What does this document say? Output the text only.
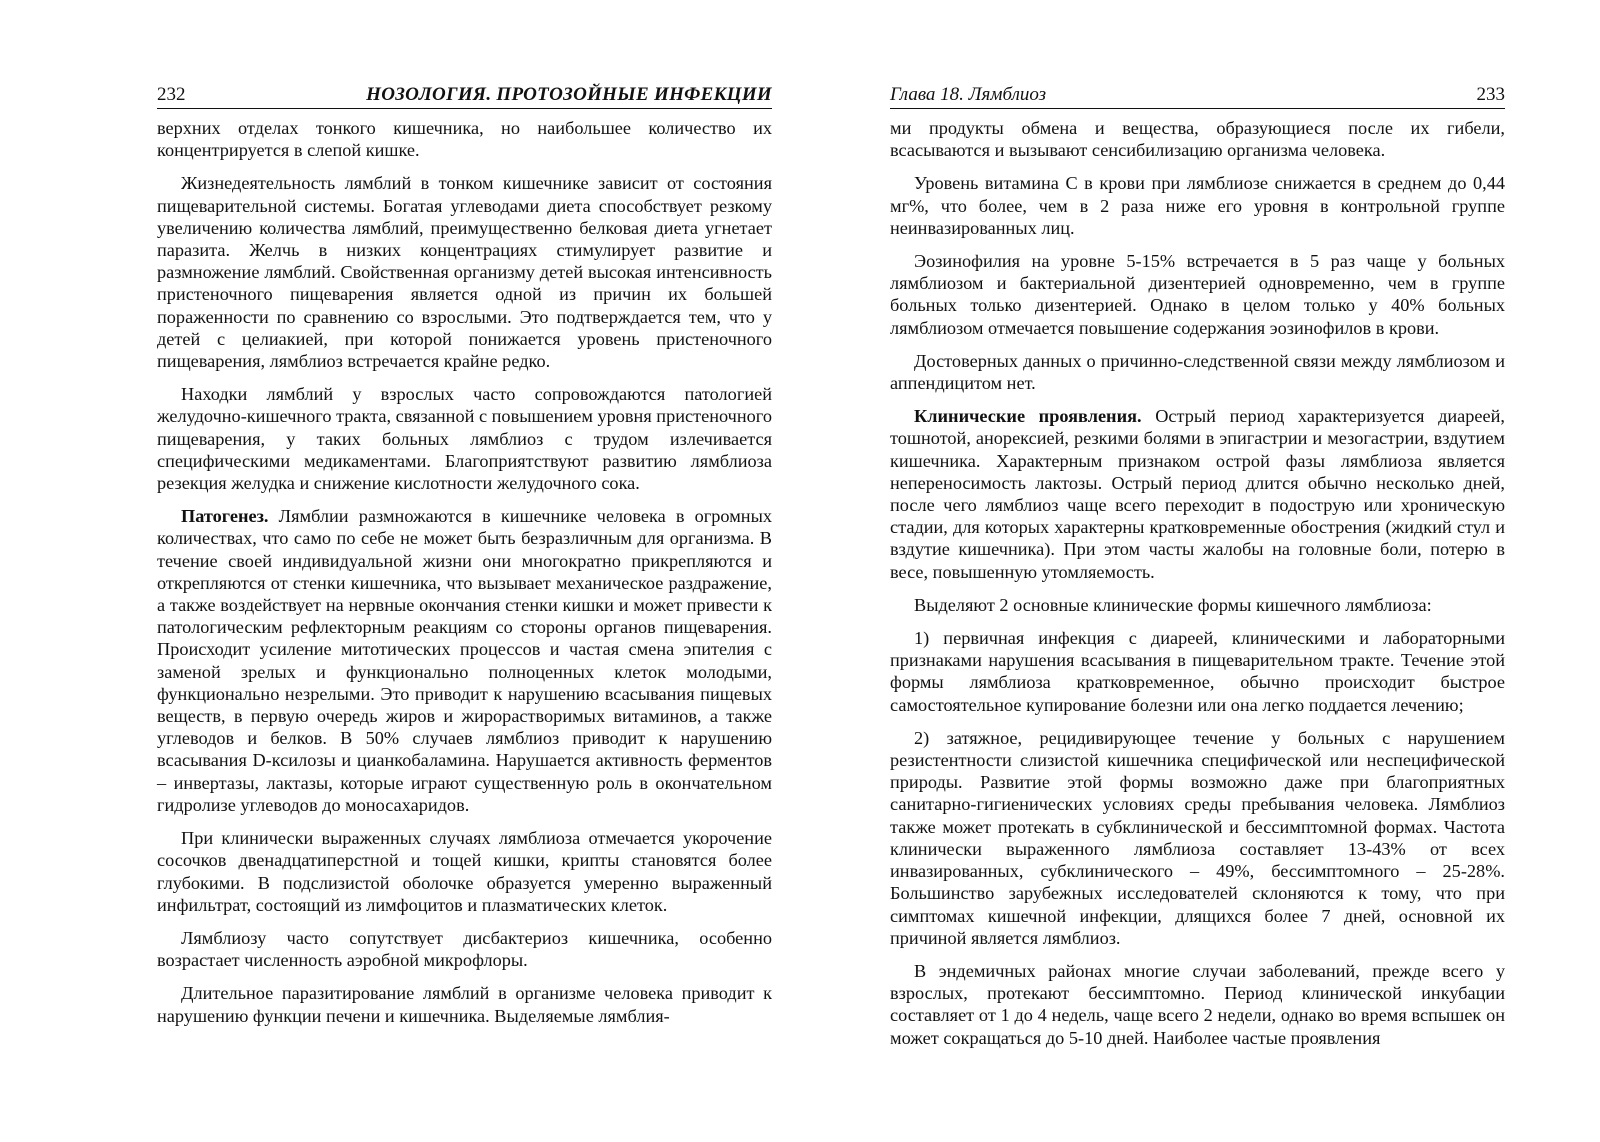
232	НОЗОЛОГИЯ. ПРОТОЗОЙНЫЕ ИНФЕКЦИИ

верхних отделах тонкого кишечника, но наибольшее количество их концентрируется в слепой кишке.

Жизнедеятельность лямблий в тонком кишечнике зависит от состояния пищеварительной системы. Богатая углеводами диета способствует резкому увеличению количества лямблий, преимущественно белковая диета угнетает паразита. Желчь в низких концентрациях стимулирует развитие и размножение лямблий. Свойственная организму детей высокая интенсивность пристеночного пищеварения является одной из причин их большей пораженности по сравнению со взрослыми. Это подтверждается тем, что у детей с целиакией, при которой понижается уровень пристеночного пищеварения, лямблиоз встречается крайне редко.

Находки лямблий у взрослых часто сопровождаются патологией желудочно-кишечного тракта, связанной с повышением уровня пристеночного пищеварения, у таких больных лямблиоз с трудом излечивается специфическими медикаментами. Благоприятствуют развитию лямблиоза резекция желудка и снижение кислотности желудочного сока.

Патогенез. Лямблии размножаются в кишечнике человека в огромных количествах, что само по себе не может быть безразличным для организма. В течение своей индивидуальной жизни они многократно прикрепляются и открепляются от стенки кишечника, что вызывает механическое раздражение, а также воздействует на нервные окончания стенки кишки и может привести к патологическим рефлекторным реакциям со стороны органов пищеварения. Происходит усиление митотических процессов и частая смена эпителия с заменой зрелых и функционально полноценных клеток молодыми, функционально незрелыми. Это приводит к нарушению всасывания пищевых веществ, в первую очередь жиров и жирорастворимых витаминов, а также углеводов и белков. В 50% случаев лямблиоз приводит к нарушению всасывания D-ксилозы и цианкобаламина. Нарушается активность ферментов – инвертазы, лактазы, которые играют существенную роль в окончательном гидролизе углеводов до моносахаридов.

При клинически выраженных случаях лямблиоза отмечается укорочение сосочков двенадцатиперстной и тощей кишки, крипты становятся более глубокими. В подслизистой оболочке образуется умеренно выраженный инфильтрат, состоящий из лимфоцитов и плазматических клеток.

Лямблиозу часто сопутствует дисбактериоз кишечника, особенно возрастает численность аэробной микрофлоры.

Длительное паразитирование лямблий в организме человека приводит к нарушению функции печени и кишечника. Выделяемые лямблия-

Глава 18. Лямблиоз	233

ми продукты обмена и вещества, образующиеся после их гибели, всасываются и вызывают сенсибилизацию организма человека.

Уровень витамина С в крови при лямблиозе снижается в среднем до 0,44 мг%, что более, чем в 2 раза ниже его уровня в контрольной группе неинвазированных лиц.

Эозинофилия на уровне 5-15% встречается в 5 раз чаще у больных лямблиозом и бактериальной дизентерией одновременно, чем в группе больных только дизентерией. Однако в целом только у 40% больных лямблиозом отмечается повышение содержания эозинофилов в крови.

Достоверных данных о причинно-следственной связи между лямблиозом и аппендицитом нет.

Клинические проявления. Острый период характеризуется диареей, тошнотой, анорексией, резкими болями в эпигастрии и мезогастрии, вздутием кишечника. Характерным признаком острой фазы лямблиоза является непереносимость лактозы. Острый период длится обычно несколько дней, после чего лямблиоз чаще всего переходит в подострую или хроническую стадии, для которых характерны кратковременные обострения (жидкий стул и вздутие кишечника). При этом часты жалобы на головные боли, потерю в весе, повышенную утомляемость.

Выделяют 2 основные клинические формы кишечного лямблиоза:

1) первичная инфекция с диареей, клиническими и лабораторными признаками нарушения всасывания в пищеварительном тракте. Течение этой формы лямблиоза кратковременное, обычно происходит быстрое самостоятельное купирование болезни или она легко поддается лечению;

2) затяжное, рецидивирующее течение у больных с нарушением резистентности слизистой кишечника специфической или неспецифической природы. Развитие этой формы возможно даже при благоприятных санитарно-гигиенических условиях среды пребывания человека. Лямблиоз также может протекать в субклинической и бессимптомной формах. Частота клинически выраженного лямблиоза составляет 13-43% от всех инвазированных, субклинического – 49%, бессимптомного – 25-28%. Большинство зарубежных исследователей склоняются к тому, что при симптомах кишечной инфекции, длящихся более 7 дней, основной их причиной является лямблиоз.

В эндемичных районах многие случаи заболеваний, прежде всего у взрослых, протекают бессимптомно. Период клинической инкубации составляет от 1 до 4 недель, чаще всего 2 недели, однако во время вспышек он может сокращаться до 5-10 дней. Наиболее частые проявления
